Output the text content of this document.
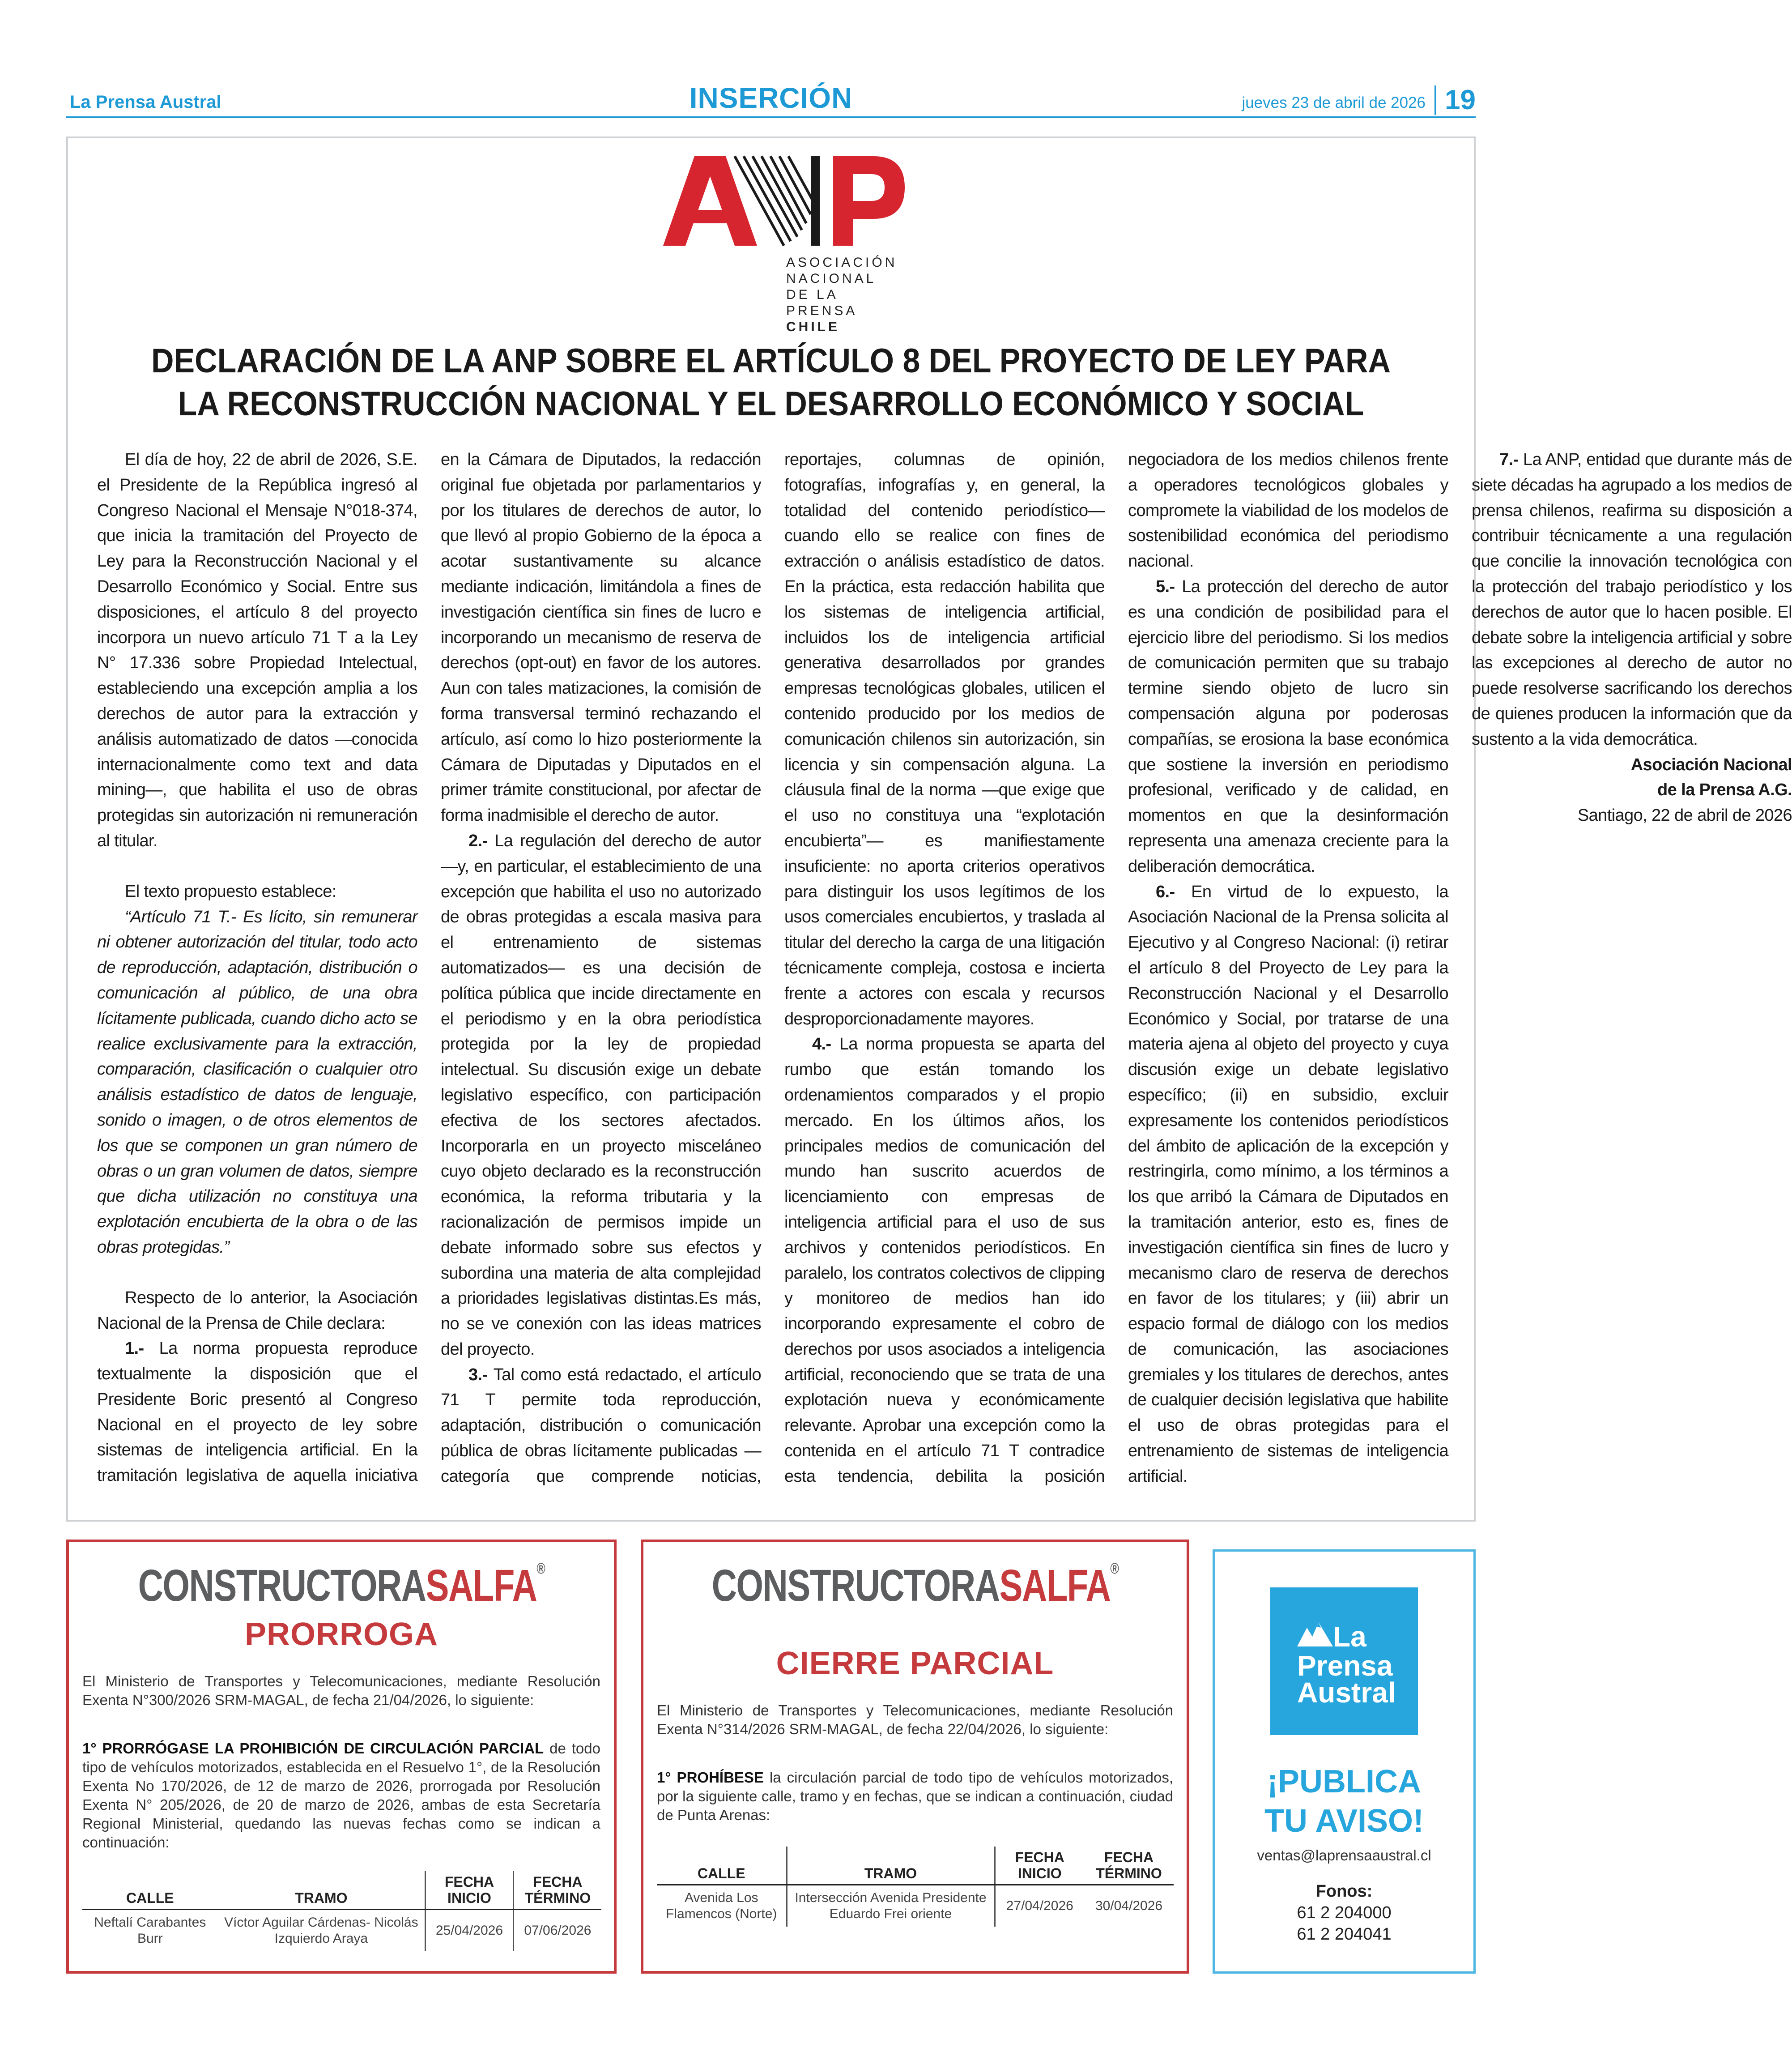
La Prensa Austral	INSERCIÓN	jueves 23 de abril de 2026 19
ASOCIACIÓN
NACIONAL
DE LA PRENSA
CHILE
DECLARACIÓN DE LA ANP SOBRE EL ARTÍCULO 8 DEL PROYECTO DE LEY PARA
LA RECONSTRUCCIÓN NACIONAL Y EL DESARROLLO ECONÓMICO Y SOCIAL

El día de hoy, 22 de abril de 2026, S.E. el Presidente de la República ingresó al Congreso Nacional el Mensaje N°018-374, que inicia la tramitación del Proyecto de Ley para la Reconstrucción Nacional y el Desarrollo Económico y Social. Entre sus disposiciones, el artículo 8 del proyecto incorpora un nuevo artículo 71 T a la Ley N° 17.336 sobre Propiedad Intelectual, estableciendo una excepción amplia a los derechos de autor para la extracción y análisis automatizado de datos —conocida internacionalmente como text and data mining—, que habilita el uso de obras protegidas sin autorización ni remuneración al titular.

El texto propuesto establece:

“Artículo 71 T.- Es lícito, sin remunerar ni obtener autorización del titular, todo acto de reproducción, adaptación, distribución o comunicación al público, de una obra lícitamente publicada, cuando dicho acto se realice exclusivamente para la extracción, comparación, clasificación o cualquier otro análisis estadístico de datos de lenguaje, sonido o imagen, o de otros elementos de los que se componen un gran número de obras o un gran volumen de datos, siempre que dicha utilización no constituya una explotación encubierta de la obra o de las obras protegidas.”

Respecto de lo anterior, la Asociación Nacional de la Prensa de Chile declara:

1.- La norma propuesta reproduce textualmente la disposición que el Presidente Boric presentó al Congreso Nacional en el proyecto de ley sobre sistemas de inteligencia artificial. En la tramitación legislativa de aquella iniciativa en la Cámara de Diputados, la redacción original fue objetada por parlamentarios y por los titulares de derechos de autor, lo que llevó al propio Gobierno de la época a acotar sustantivamente su alcance mediante indicación, limitándola a fines de investigación científica sin fines de lucro e incorporando un mecanismo de reserva de derechos (opt-out) en favor de los autores. Aun con tales matizaciones, la comisión de forma transversal terminó rechazando el artículo, así como lo hizo posteriormente la Cámara de Diputadas y Diputados en el primer trámite constitucional, por afectar de forma inadmisible el derecho de autor.

2.- La regulación del derecho de autor —y, en particular, el establecimiento de una excepción que habilita el uso no autorizado de obras protegidas a escala masiva para el entrenamiento de sistemas automatizados— es una decisión de política pública que incide directamente en el periodismo y en la obra periodística protegida por la ley de propiedad intelectual. Su discusión exige un debate legislativo específico, con participación efectiva de los sectores afectados. Incorporarla en un proyecto misceláneo cuyo objeto declarado es la reconstrucción económica, la reforma tributaria y la racionalización de permisos impide un debate informado sobre sus efectos y subordina una materia de alta complejidad a prioridades legislativas distintas.Es más, no se ve conexión con las ideas matrices del proyecto.

3.- Tal como está redactado, el artículo 71 T permite toda reproducción, adaptación, distribución o comunicación pública de obras lícitamente publicadas —categoría que comprende noticias, reportajes, columnas de opinión, fotografías, infografías y, en general, la totalidad del contenido periodístico— cuando ello se realice con fines de extracción o análisis estadístico de datos. En la práctica, esta redacción habilita que los sistemas de inteligencia artificial, incluidos los de inteligencia artificial generativa desarrollados por grandes empresas tecnológicas globales, utilicen el contenido producido por los medios de comunicación chilenos sin autorización, sin licencia y sin compensación alguna. La cláusula final de la norma —que exige que el uso no constituya una “explotación encubierta”— es manifiestamente insuficiente: no aporta criterios operativos para distinguir los usos legítimos de los usos comerciales encubiertos, y traslada al titular del derecho la carga de una litigación técnicamente compleja, costosa e incierta frente a actores con escala y recursos desproporcionadamente mayores.

4.- La norma propuesta se aparta del rumbo que están tomando los ordenamientos comparados y el propio mercado. En los últimos años, los principales medios de comunicación del mundo han suscrito acuerdos de licenciamiento con empresas de inteligencia artificial para el uso de sus archivos y contenidos periodísticos. En paralelo, los contratos colectivos de clipping y monitoreo de medios han ido incorporando expresamente el cobro de derechos por usos asociados a inteligencia artificial, reconociendo que se trata de una explotación nueva y económicamente relevante. Aprobar una excepción como la contenida en el artículo 71 T contradice esta tendencia, debilita la posición negociadora de los medios chilenos frente a operadores tecnológicos globales y compromete la viabilidad de los modelos de sostenibilidad económica del periodismo nacional.

5.- La protección del derecho de autor es una condición de posibilidad para el ejercicio libre del periodismo. Si los medios de comunicación permiten que su trabajo termine siendo objeto de lucro sin compensación alguna por poderosas compañías, se erosiona la base económica que sostiene la inversión en periodismo profesional, verificado y de calidad, en momentos en que la desinformación representa una amenaza creciente para la deliberación democrática.

6.- En virtud de lo expuesto, la Asociación Nacional de la Prensa solicita al Ejecutivo y al Congreso Nacional: (i) retirar el artículo 8 del Proyecto de Ley para la Reconstrucción Nacional y el Desarrollo Económico y Social, por tratarse de una materia ajena al objeto del proyecto y cuya discusión exige un debate legislativo específico; (ii) en subsidio, excluir expresamente los contenidos periodísticos del ámbito de aplicación de la excepción y restringirla, como mínimo, a los términos a los que arribó la Cámara de Diputados en la tramitación anterior, esto es, fines de investigación científica sin fines de lucro y mecanismo claro de reserva de derechos en favor de los titulares; y (iii) abrir un espacio formal de diálogo con los medios de comunicación, las asociaciones gremiales y los titulares de derechos, antes de cualquier decisión legislativa que habilite el uso de obras protegidas para el entrenamiento de sistemas de inteligencia artificial.

7.- La ANP, entidad que durante más de siete décadas ha agrupado a los medios de prensa chilenos, reafirma su disposición a contribuir técnicamente a una regulación que concilie la innovación tecnológica con la protección del trabajo periodístico y los derechos de autor que lo hacen posible. El debate sobre la inteligencia artificial y sobre las excepciones al derecho de autor no puede resolverse sacrificando los derechos de quienes producen la información que da sustento a la vida democrática.

Asociación Nacional

de la Prensa A.G.

Santiago, 22 de abril de 2026

CONSTRUCTORASALFA®
PRORROGA
El Ministerio de Transportes y Telecomunicaciones, mediante Resolución Exenta N°300/2026 SRM-MAGAL, de fecha 21/04/2026, lo siguiente:
1° PRORRÓGASE LA PROHIBICIÓN DE CIRCULACIÓN PARCIAL de todo tipo de vehículos motorizados, establecida en el Resuelvo 1°, de la Resolución Exenta No 170/2026, de 12 de marzo de 2026, prorrogada por Resolución Exenta N° 205/2026, de 20 de marzo de 2026, ambas de esta Secretaría Regional Ministerial, quedando las nuevas fechas como se indican a continuación:
CALLE	TRAMO	FECHA INICIO	FECHA TÉRMINO
Neftalí Carabantes Burr	Víctor Aguilar Cárdenas- Nicolás Izquierdo Araya	25/04/2026	07/06/2026
CONSTRUCTORASALFA®
CIERRE PARCIAL
El Ministerio de Transportes y Telecomunicaciones, mediante Resolución Exenta N°314/2026 SRM-MAGAL, de fecha 22/04/2026, lo siguiente:
1° PROHÍBESE la circulación parcial de todo tipo de vehículos motorizados, por la siguiente calle, tramo y en fechas, que se indican a continuación, ciudad de Punta Arenas:
CALLE	TRAMO	FECHA INICIO	FECHA TÉRMINO
Avenida Los Flamencos (Norte)	Intersección Avenida Presidente Eduardo Frei oriente	27/04/2026	30/04/2026
La
Prensa
Austral
¡PUBLICA
TU AVISO!
ventas@laprensaaustral.cl
Fonos:
61 2 204000
61 2 204041
